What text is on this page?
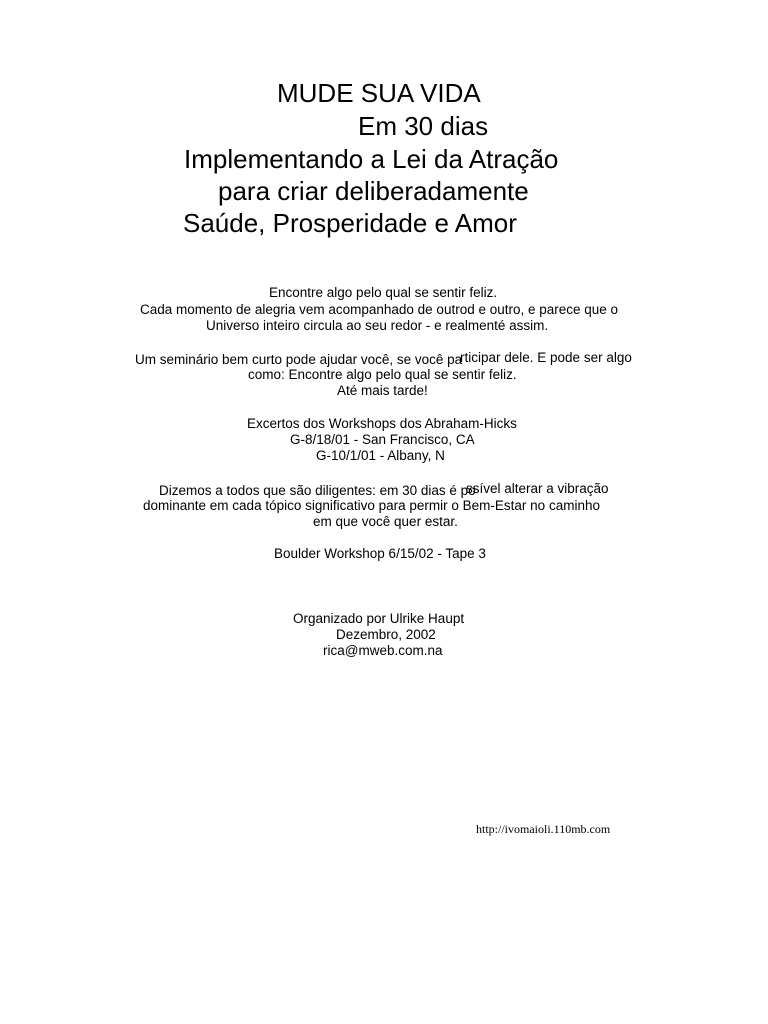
MUDE SUA VIDA
Em 30 dias
Implementando a Lei da Atração
para criar deliberadamente
Saúde, Prosperidade e Amor
Encontre algo pelo qual se sentir feliz.
Cada momento de alegria vem acompanhado de outrod e outro, e parece que o
Universo inteiro circula ao seu redor - e realmenté assim.
Um seminário bem curto pode ajudar você, se você pa
rticipar dele. E pode ser algo
como: Encontre algo pelo qual se sentir feliz.
Até mais tarde!
Excertos dos Workshops dos Abraham-Hicks
G-8/18/01 - San Francisco, CA
G-10/1/01 - Albany, N
Dizemos a todos que são diligentes: em 30 dias é po
ssível alterar a vibração
dominante em cada tópico significativo para permir o Bem-Estar no caminho
em que você quer estar.
Boulder Workshop 6/15/02 - Tape 3
Organizado por Ulrike Haupt
Dezembro, 2002
rica@mweb.com.na
http://ivomaioli.110mb.com
